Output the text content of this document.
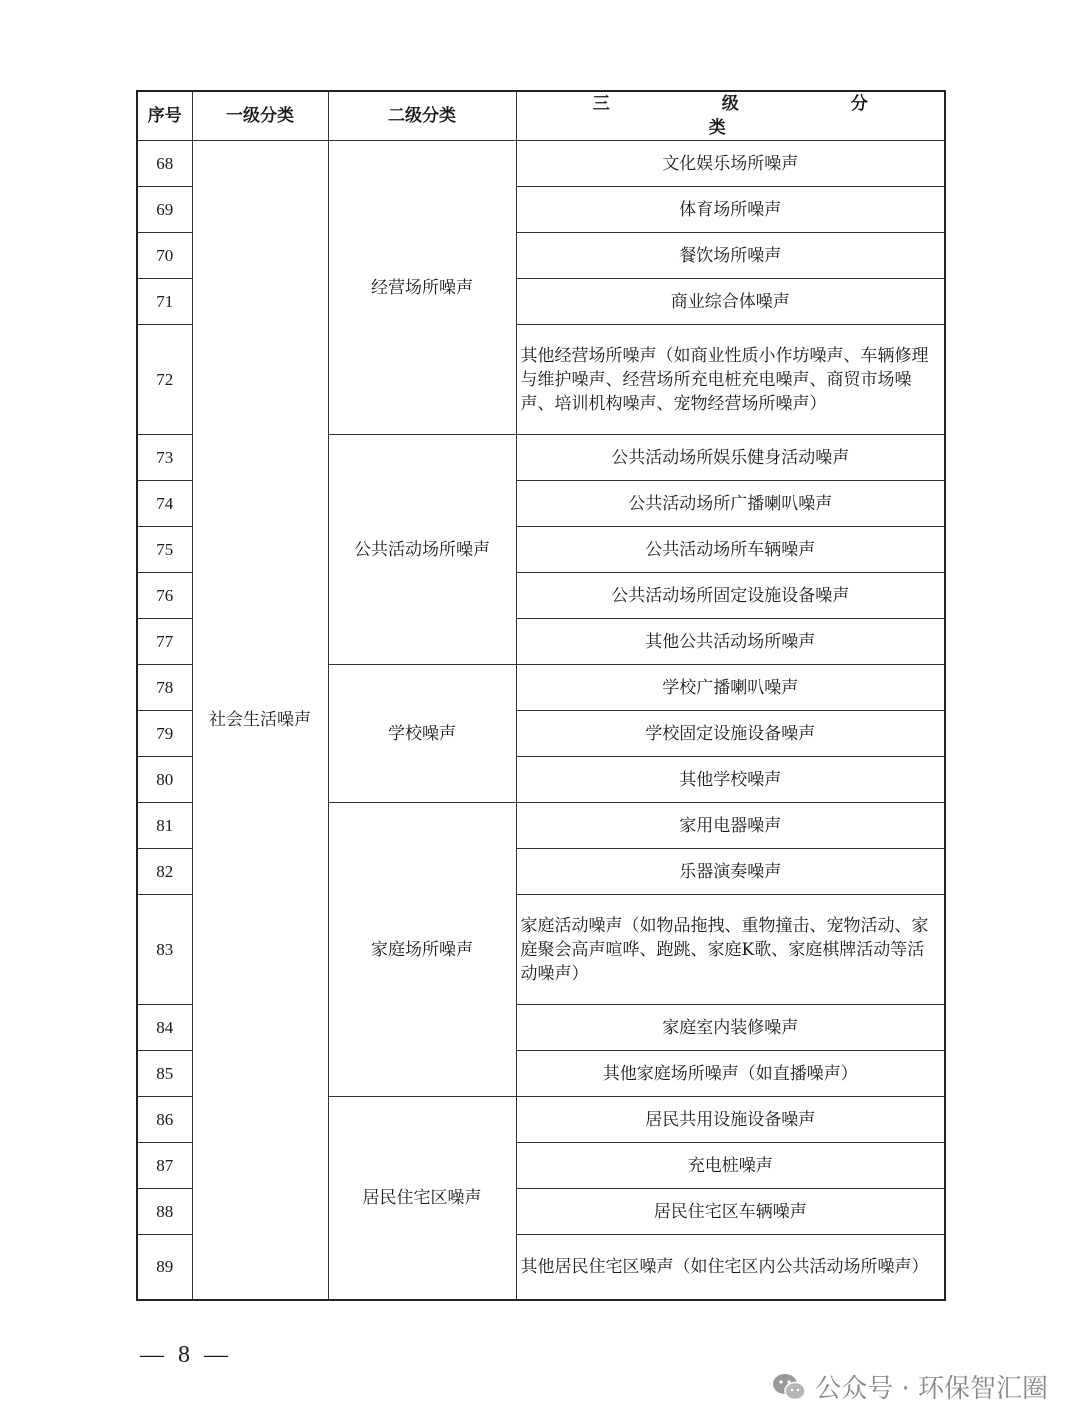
序号	一级分类	二级分类	三　　级　　分　　类
68	社会生活噪声	经营场所噪声	文化娱乐场所噪声
69			体育场所噪声
70			餐饮场所噪声
71			商业综合体噪声
72			其他经营场所噪声（如商业性质小作坊噪声、车辆修理与维护噪声、经营场所充电桩充电噪声、商贸市场噪声、培训机构噪声、宠物经营场所噪声）
73		公共活动场所噪声	公共活动场所娱乐健身活动噪声
74			公共活动场所广播喇叭噪声
75			公共活动场所车辆噪声
76			公共活动场所固定设施设备噪声
77			其他公共活动场所噪声
78		学校噪声	学校广播喇叭噪声
79			学校固定设施设备噪声
80			其他学校噪声
81		家庭场所噪声	家用电器噪声
82			乐器演奏噪声
83			家庭活动噪声（如物品拖拽、重物撞击、宠物活动、家庭聚会高声喧哗、跑跳、家庭K歌、家庭棋牌活动等活动噪声）
84			家庭室内装修噪声
85			其他家庭场所噪声（如直播噪声）
86		居民住宅区噪声	居民共用设施设备噪声
87			充电桩噪声
88			居民住宅区车辆噪声
89			其他居民住宅区噪声（如住宅区内公共活动场所噪声）
— 8 —
公众号 · 环保智汇圈
